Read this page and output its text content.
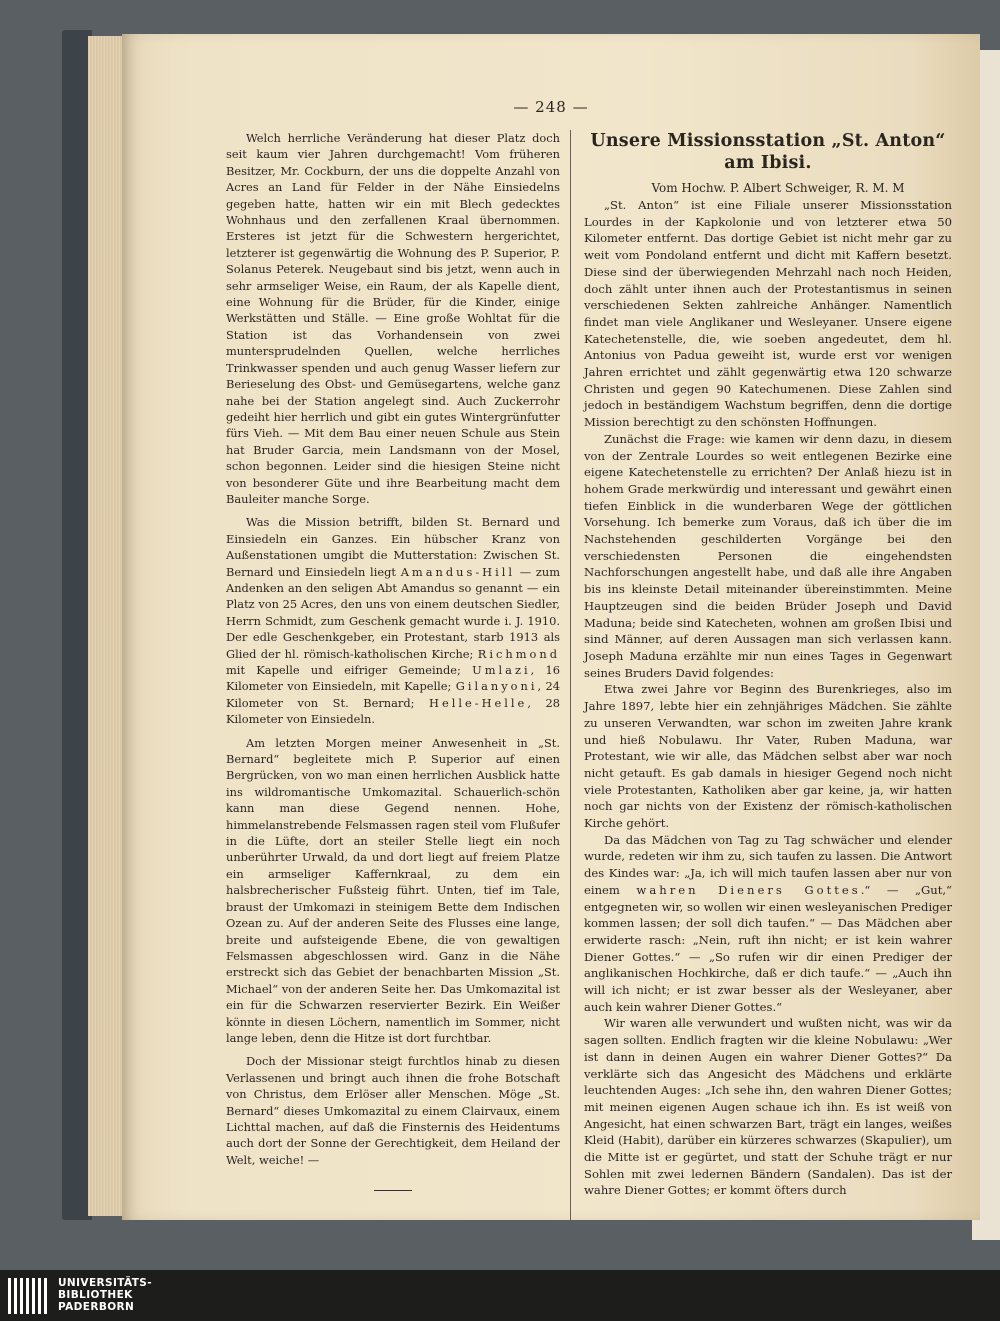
— 248 —

Welch herrliche Veränderung hat dieser Platz doch seit kaum vier Jahren durchgemacht! Vom früheren Besitzer, Mr. Cockburn, der uns die doppelte Anzahl von Acres an Land für Felder in der Nähe Einsiedelns gegeben hatte, hatten wir ein mit Blech gedecktes Wohnhaus und den zerfallenen Kraal übernommen. Ersteres ist jetzt für die Schwestern hergerichtet, letzterer ist gegenwärtig die Wohnung des P. Superior, P. Solanus Peterek. Neugebaut sind bis jetzt, wenn auch in sehr armseliger Weise, ein Raum, der als Kapelle dient, eine Wohnung für die Brüder, für die Kinder, einige Werkstätten und Ställe. — Eine große Wohltat für die Station ist das Vorhandensein von zwei muntersprudelnden Quellen, welche herrliches Trinkwasser spenden und auch genug Wasser liefern zur Berieselung des Obst- und Gemüsegartens, welche ganz nahe bei der Station angelegt sind. Auch Zuckerrohr gedeiht hier herrlich und gibt ein gutes Wintergrünfutter fürs Vieh. — Mit dem Bau einer neuen Schule aus Stein hat Bruder Garcia, mein Landsmann von der Mosel, schon begonnen. Leider sind die hiesigen Steine nicht von besonderer Güte und ihre Bearbeitung macht dem Bauleiter manche Sorge.

Was die Mission betrifft, bilden St. Bernard und Einsiedeln ein Ganzes. Ein hübscher Kranz von Außenstationen umgibt die Mutterstation: Zwischen St. Bernard und Einsiedeln liegt Amandus-Hill — zum Andenken an den seligen Abt Amandus so genannt — ein Platz von 25 Acres, den uns von einem deutschen Siedler, Herrn Schmidt, zum Geschenk gemacht wurde i. J. 1910. Der edle Geschenkgeber, ein Protestant, starb 1913 als Glied der hl. römisch-katholischen Kirche; Richmond mit Kapelle und eifriger Gemeinde; Umlazi, 16 Kilometer von Einsiedeln, mit Kapelle; Gilanyoni, 24 Kilometer von St. Bernard; Helle-Helle, 28 Kilometer von Einsiedeln.

Am letzten Morgen meiner Anwesenheit in „St. Bernard“ begleitete mich P. Superior auf einen Bergrücken, von wo man einen herrlichen Ausblick hatte ins wildromantische Umkomazital. Schauerlich-schön kann man diese Gegend nennen. Hohe, himmelanstrebende Felsmassen ragen steil vom Flußufer in die Lüfte, dort an steiler Stelle liegt ein noch unberührter Urwald, da und dort liegt auf freiem Platze ein armseliger Kaffernkraal, zu dem ein halsbrecherischer Fußsteig führt. Unten, tief im Tale, braust der Umkomazi in steinigem Bette dem Indischen Ozean zu. Auf der anderen Seite des Flusses eine lange, breite und aufsteigende Ebene, die von gewaltigen Felsmassen abgeschlossen wird. Ganz in die Nähe erstreckt sich das Gebiet der benachbarten Mission „St. Michael“ von der anderen Seite her. Das Umkomazital ist ein für die Schwarzen reservierter Bezirk. Ein Weißer könnte in diesen Löchern, namentlich im Sommer, nicht lange leben, denn die Hitze ist dort furchtbar.

Doch der Missionar steigt furchtlos hinab zu diesen Verlassenen und bringt auch ihnen die frohe Botschaft von Christus, dem Erlöser aller Menschen. Möge „St. Bernard“ dieses Umkomazital zu einem Clairvaux, einem Lichttal machen, auf daß die Finsternis des Heidentums auch dort der Sonne der Gerechtigkeit, dem Heiland der Welt, weiche! —

Unsere Missionsstation „St. Anton“ am Ibisi.

Vom Hochw. P. Albert Schweiger, R. M. M

„St. Anton“ ist eine Filiale unserer Missionsstation Lourdes in der Kapkolonie und von letzterer etwa 50 Kilometer entfernt. Das dortige Gebiet ist nicht mehr gar zu weit vom Pondoland entfernt und dicht mit Kaffern besetzt. Diese sind der überwiegenden Mehrzahl nach noch Heiden, doch zählt unter ihnen auch der Protestantismus in seinen verschiedenen Sekten zahlreiche Anhänger. Namentlich findet man viele Anglikaner und Wesleyaner. Unsere eigene Katechetenstelle, die, wie soeben angedeutet, dem hl. Antonius von Padua geweiht ist, wurde erst vor wenigen Jahren errichtet und zählt gegenwärtig etwa 120 schwarze Christen und gegen 90 Katechumenen. Diese Zahlen sind jedoch in beständigem Wachstum begriffen, denn die dortige Mission berechtigt zu den schönsten Hoffnungen.

Zunächst die Frage: wie kamen wir denn dazu, in diesem von der Zentrale Lourdes so weit entlegenen Bezirke eine eigene Katechetenstelle zu errichten? Der Anlaß hiezu ist in hohem Grade merkwürdig und interessant und gewährt einen tiefen Einblick in die wunderbaren Wege der göttlichen Vorsehung. Ich bemerke zum Voraus, daß ich über die im Nachstehenden geschilderten Vorgänge bei den verschiedensten Personen die eingehendsten Nachforschungen angestellt habe, und daß alle ihre Angaben bis ins kleinste Detail miteinander übereinstimmten. Meine Hauptzeugen sind die beiden Brüder Joseph und David Maduna; beide sind Katecheten, wohnen am großen Ibisi und sind Männer, auf deren Aussagen man sich verlassen kann. Joseph Maduna erzählte mir nun eines Tages in Gegenwart seines Bruders David folgendes:

Etwa zwei Jahre vor Beginn des Burenkrieges, also im Jahre 1897, lebte hier ein zehnjähriges Mädchen. Sie zählte zu unseren Verwandten, war schon im zweiten Jahre krank und hieß Nobulawu. Ihr Vater, Ruben Maduna, war Protestant, wie wir alle, das Mädchen selbst aber war noch nicht getauft. Es gab damals in hiesiger Gegend noch nicht viele Protestanten, Katholiken aber gar keine, ja, wir hatten noch gar nichts von der Existenz der römisch-katholischen Kirche gehört.

Da das Mädchen von Tag zu Tag schwächer und elender wurde, redeten wir ihm zu, sich taufen zu lassen. Die Antwort des Kindes war: „Ja, ich will mich taufen lassen aber nur von einem wahren Dieners Gottes.“ — „Gut,“ entgegneten wir, so wollen wir einen wesleyanischen Prediger kommen lassen; der soll dich taufen.“ — Das Mädchen aber erwiderte rasch: „Nein, ruft ihn nicht; er ist kein wahrer Diener Gottes.“ — „So rufen wir dir einen Prediger der anglikanischen Hochkirche, daß er dich taufe.“ — „Auch ihn will ich nicht; er ist zwar besser als der Wesleyaner, aber auch kein wahrer Diener Gottes.“

Wir waren alle verwundert und wußten nicht, was wir da sagen sollten. Endlich fragten wir die kleine Nobulawu: „Wer ist dann in deinen Augen ein wahrer Diener Gottes?“ Da verklärte sich das Angesicht des Mädchens und erklärte leuchtenden Auges: „Ich sehe ihn, den wahren Diener Gottes; mit meinen eigenen Augen schaue ich ihn. Es ist weiß von Angesicht, hat einen schwarzen Bart, trägt ein langes, weißes Kleid (Habit), darüber ein kürzeres schwarzes (Skapulier), um die Mitte ist er gegürtet, und statt der Schuhe trägt er nur Sohlen mit zwei ledernen Bändern (Sandalen). Das ist der wahre Diener Gottes; er kommt öfters durch

UNIVERSITÄTS-
BIBLIOTHEK
PADERBORN
